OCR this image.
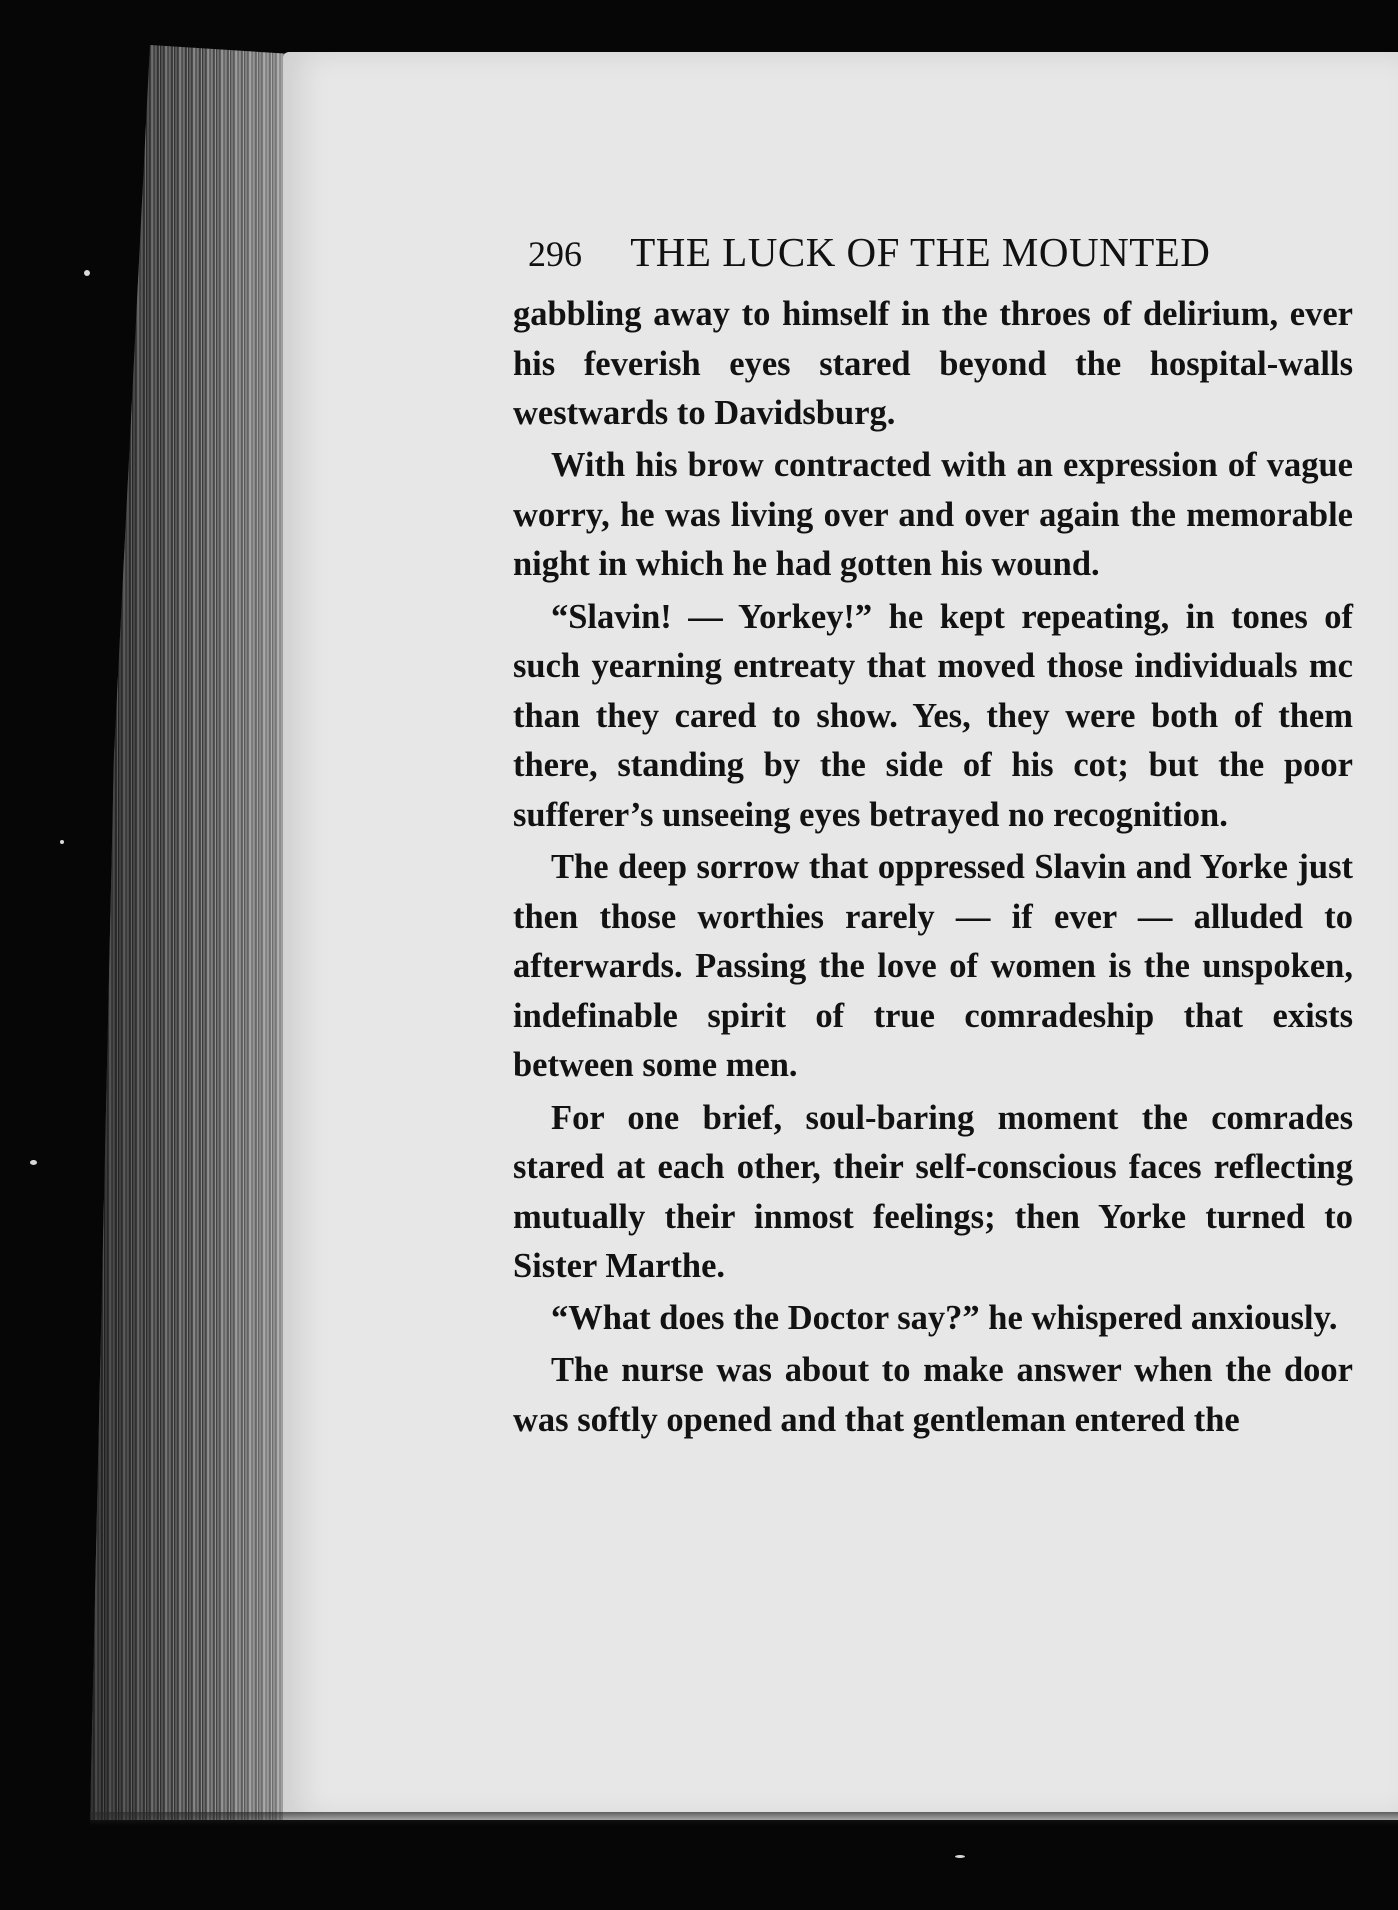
296 THE LUCK OF THE MOUNTED

gabbling away to himself in the throes of delirium, ever his feverish eyes stared beyond the hospital-walls westwards to Davidsburg.

With his brow contracted with an expression of vague worry, he was living over and over again the memorable night in which he had gotten his wound.

“Slavin! — Yorkey!” he kept repeating, in tones of such yearning entreaty that moved those individuals mc than they cared to show. Yes, they were both of them there, standing by the side of his cot; but the poor sufferer’s unseeing eyes betrayed no recognition.

The deep sorrow that oppressed Slavin and Yorke just then those worthies rarely — if ever — alluded to afterwards. Passing the love of women is the unspoken, indefinable spirit of true comradeship that exists between some men.

For one brief, soul-baring moment the comrades stared at each other, their self-conscious faces reflecting mutually their inmost feelings; then Yorke turned to Sister Marthe.

“What does the Doctor say?” he whispered anxiously.

The nurse was about to make answer when the door was softly opened and that gentleman entered the
